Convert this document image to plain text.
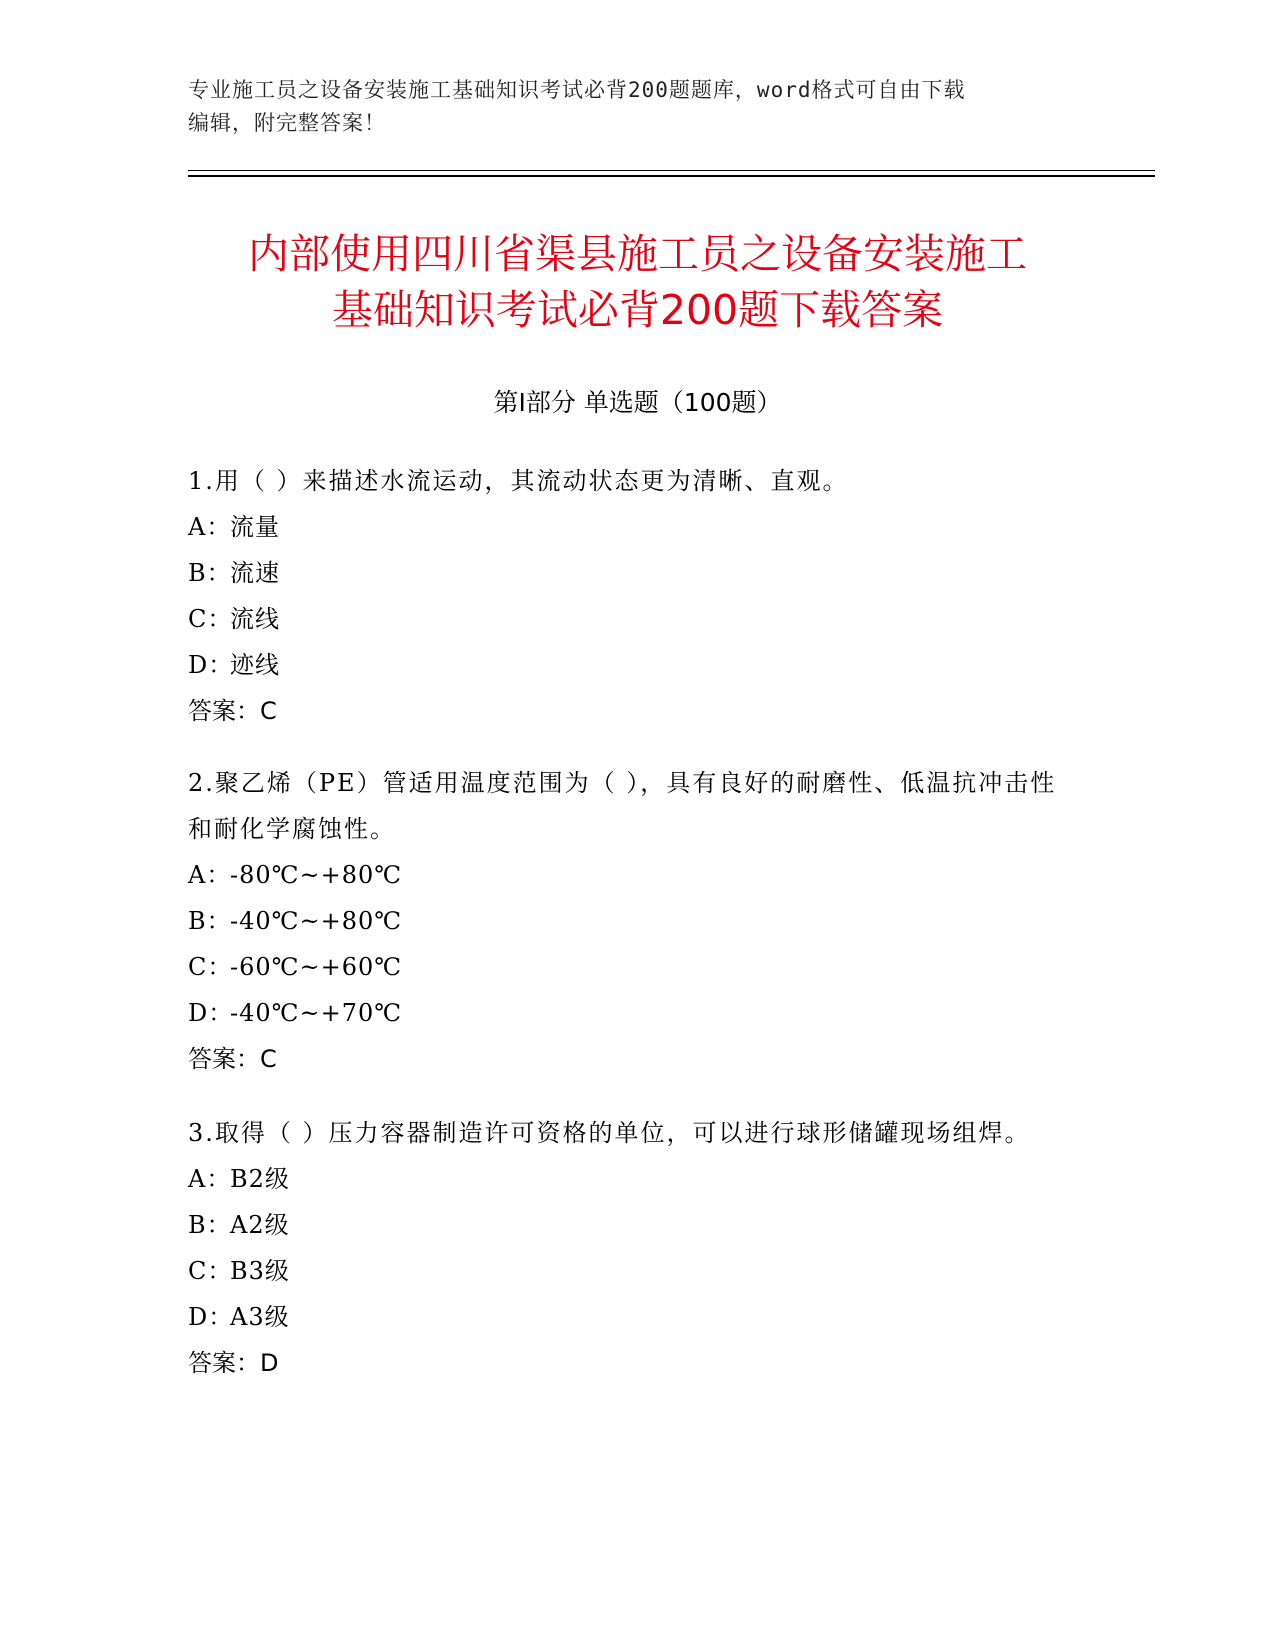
专业施工员之设备安装施工基础知识考试必背200题题库，word格式可自由下载
编辑，附完整答案！
内部使用四川省渠县施工员之设备安装施工
基础知识考试必背200题下载答案
第Ⅰ部分 单选题（100题）

1.用（ ）来描述水流运动，其流动状态更为清晰、直观。

A：流量

B：流速

C：流线

D：迹线

答案：C

2.聚乙烯（PE）管适用温度范围为（ ），具有良好的耐磨性、低温抗冲击性和耐化学腐蚀性。

A：-80℃~+80℃

B：-40℃~+80℃

C：-60℃~+60℃

D：-40℃~+70℃

答案：C

3.取得（ ）压力容器制造许可资格的单位，可以进行球形储罐现场组焊。

A：B2级

B：A2级

C：B3级

D：A3级

答案：D
